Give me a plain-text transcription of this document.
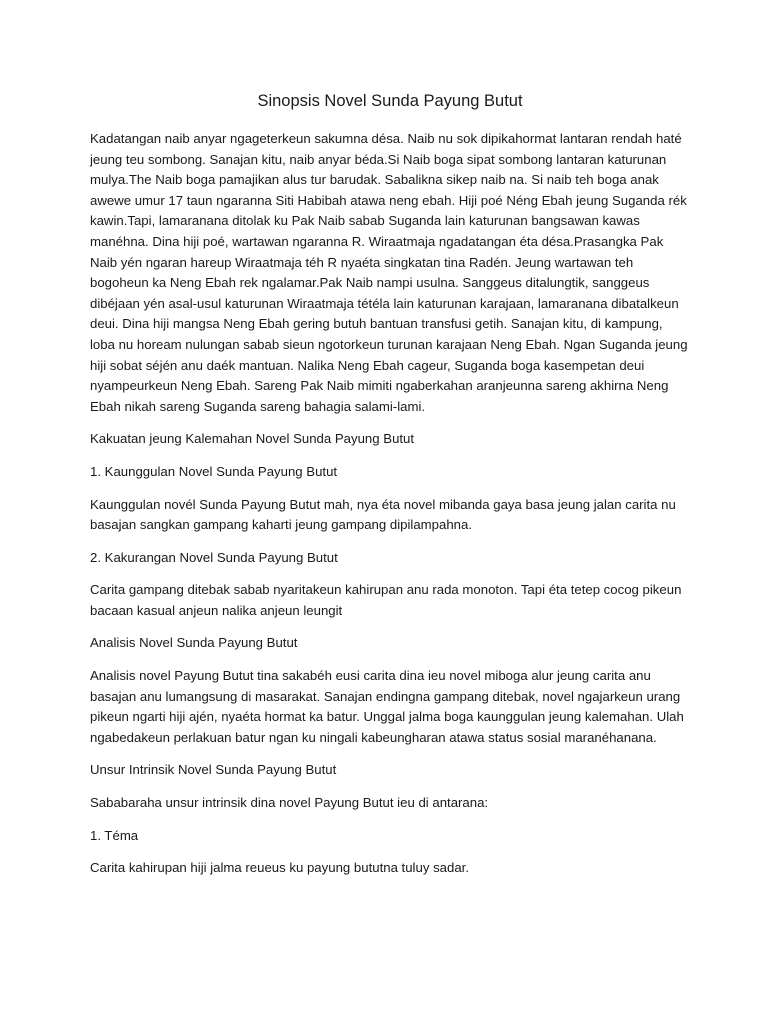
Sinopsis Novel Sunda Payung Butut

Kadatangan naib anyar ngageterkeun sakumna désa. Naib nu sok dipikahormat lantaran rendah haté jeung teu sombong. Sanajan kitu, naib anyar béda.Si Naib boga sipat sombong lantaran katurunan mulya.The Naib boga pamajikan alus tur barudak. Sabalikna sikep naib na. Si naib teh boga anak awewe umur 17 taun ngaranna Siti Habibah atawa neng ebah. Hiji poé Néng Ebah jeung Suganda rék kawin.Tapi, lamaranana ditolak ku Pak Naib sabab Suganda lain katurunan bangsawan kawas manéhna. Dina hiji poé, wartawan ngaranna R. Wiraatmaja ngadatangan éta désa.Prasangka Pak Naib yén ngaran hareup Wiraatmaja téh R nyaéta singkatan tina Radén. Jeung wartawan teh bogoheun ka Neng Ebah rek ngalamar.Pak Naib nampi usulna. Sanggeus ditalungtik, sanggeus dibéjaan yén asal-usul katurunan Wiraatmaja tétéla lain katurunan karajaan, lamaranana dibatalkeun deui. Dina hiji mangsa Neng Ebah gering butuh bantuan transfusi getih. Sanajan kitu, di kampung, loba nu hoream nulungan sabab sieun ngotorkeun turunan karajaan Neng Ebah. Ngan Suganda jeung hiji sobat séjén anu daék mantuan. Nalika Neng Ebah cageur, Suganda boga kasempetan deui nyampeurkeun Neng Ebah. Sareng Pak Naib mimiti ngaberkahan aranjeunna sareng akhirna Neng Ebah nikah sareng Suganda sareng bahagia salami-lami.

Kakuatan jeung Kalemahan Novel Sunda Payung Butut

1. Kaunggulan Novel Sunda Payung Butut

Kaunggulan novél Sunda Payung Butut mah, nya éta novel mibanda gaya basa jeung jalan carita nu basajan sangkan gampang kaharti jeung gampang dipilampahna.

2. Kakurangan Novel Sunda Payung Butut

Carita gampang ditebak sabab nyaritakeun kahirupan anu rada monoton. Tapi éta tetep cocog pikeun bacaan kasual anjeun nalika anjeun leungit

Analisis Novel Sunda Payung Butut

Analisis novel Payung Butut tina sakabéh eusi carita dina ieu novel miboga alur jeung carita anu basajan anu lumangsung di masarakat. Sanajan endingna gampang ditebak, novel ngajarkeun urang pikeun ngarti hiji ajén, nyaéta hormat ka batur. Unggal jalma boga kaunggulan jeung kalemahan. Ulah ngabedakeun perlakuan batur ngan ku ningali kabeungharan atawa status sosial maranéhanana.

Unsur Intrinsik Novel Sunda Payung Butut

Sababaraha unsur intrinsik dina novel Payung Butut ieu di antarana:

1. Téma

Carita kahirupan hiji jalma reueus ku payung bututna tuluy sadar.
